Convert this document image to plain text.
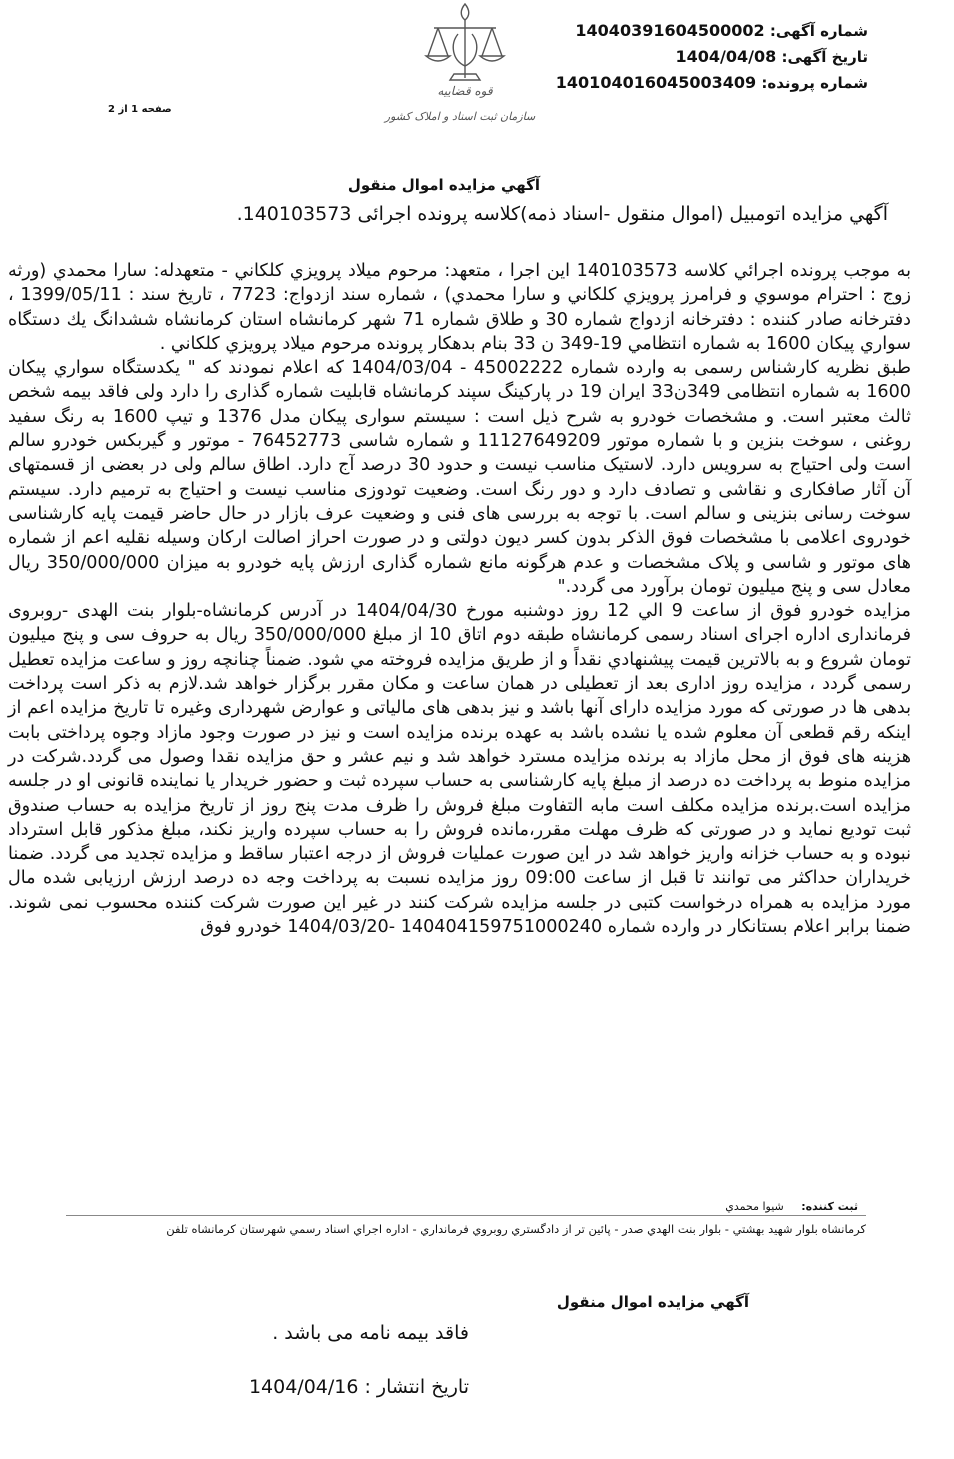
شماره آگهی: 14040391604500002
تاریخ آگهی: 1404/04/08
شماره پرونده: 140104016045003409
قوه قضاییه
سازمان ثبت اسناد و املاک کشور
صفحه 1 از 2
آگهي مزايده اموال منقول
آگهي مزايده اتومبيل (اموال منقول -اسناد ذمه)كلاسه پرونده اجرائی 140103573.

به موجب پرونده اجرائي كلاسه 140103573 اين اجرا ، متعهد: مرحوم ميلاد پرويزي كلكاني - متعهدله: سارا محمدي (ورثه زوج : احترام موسوي و فرامرز پرويزي كلكاني و سارا محمدي) ، شماره سند ازدواج: 7723 ، تاريخ سند : 1399/05/11 ، دفترخانه صادر كننده : دفترخانه ازدواج شماره 30 و طلاق شماره 71 شهر كرمانشاه استان كرمانشاه ششدانگ يك دستگاه سواري پيكان 1600 به شماره انتظامي 19-349 ن 33 بنام بدهكار پرونده مرحوم ميلاد پرويزي كلكاني .

طبق نظريه كارشناس رسمی به وارده شماره 45002222 - 1404/03/04 كه اعلام نمودند كه " يكدستگاه سواري پيكان 1600 به شماره انتظامی 349ن33 ايران 19 در پاركينگ سپند كرمانشاه قابليت شماره گذاری را دارد ولی فاقد بيمه شخص ثالث معتبر است. و مشخصات خودرو به شرح ذيل است : سيستم سواری پيكان مدل 1376 و تيپ 1600 به رنگ سفيد روغنی ، سوخت بنزين و با شماره موتور 11127649209 و شماره شاسی 76452773 - موتور و گيربكس خودرو سالم است ولی احتياج به سرويس دارد. لاستيک مناسب نيست و حدود 30 درصد آج دارد. اطاق سالم ولی در بعضی از قسمتهای آن آثار صافكاری و نقاشی و تصادف دارد و دور رنگ است. وضعيت تودوزی مناسب نيست و احتياج به ترميم دارد. سيستم سوخت رسانی بنزينی و سالم است. با توجه به بررسی های فنی و وضعيت عرف بازار در حال حاضر قيمت پايه كارشناسی خودروی اعلامی با مشخصات فوق الذكر بدون كسر ديون دولتی و در صورت احراز اصالت اركان وسيله نقليه اعم از شماره های موتور و شاسی و پلاک مشخصات و عدم هرگونه مانع شماره گذاری ارزش پايه خودرو به ميزان 350/000/000 ريال معادل سی و پنج ميليون تومان برآورد می گردد."

مزايده خودرو فوق از ساعت 9 الي 12 روز دوشنبه مورخ 1404/04/30 در آدرس كرمانشاه-بلوار بنت الهدی -روبروی فرمانداری اداره اجرای اسناد رسمی كرمانشاه طبقه دوم اتاق 10 از مبلغ 350/000/000 ريال به حروف سی و پنج ميليون تومان شروع و به بالاترين قيمت پيشنهادي نقداً و از طريق مزايده فروخته مي شود. ضمناً چنانچه روز و ساعت مزايده تعطيل رسمی گردد ، مزايده روز اداری بعد از تعطيلی در همان ساعت و مكان مقرر برگزار خواهد شد.لازم به ذكر است پرداخت بدهی ها در صورتی كه مورد مزايده دارای آنها باشد و نيز بدهی های مالياتی و عوارض شهرداری وغيره تا تاريخ مزايده اعم از اينكه رقم قطعی آن معلوم شده يا نشده باشد به عهده برنده مزايده است و نيز در صورت وجود مازاد وجوه پرداختی بابت هزينه های فوق از محل مازاد به برنده مزايده مسترد خواهد شد و نيم عشر و حق مزايده نقدا وصول می گردد.شركت در مزايده منوط به پرداخت ده درصد از مبلغ پايه كارشناسی به حساب سپرده ثبت و حضور خريدار يا نماينده قانونی او در جلسه مزايده است.برنده مزايده مكلف است مابه التفاوت مبلغ فروش را ظرف مدت پنج روز از تاريخ مزايده به حساب صندوق ثبت توديع نمايد و در صورتی كه ظرف مهلت مقرر،مانده فروش را به حساب سپرده واريز نكند، مبلغ مذكور قابل استرداد نبوده و به حساب خزانه واريز خواهد شد در اين صورت عمليات فروش از درجه اعتبار ساقط و مزايده تجديد می گردد. ضمنا خريداران حداكثر می توانند تا قبل از ساعت 09:00 روز مزايده نسبت به پرداخت وجه ده درصد ارزش ارزيابی شده مال مورد مزايده به همراه درخواست كتبی در جلسه مزايده شركت كنند در غير اين صورت شركت كننده محسوب نمی شوند. ضمنا برابر اعلام بستانكار در وارده شماره 140404159751000240 -1404/03/20 خودرو فوق

ثبت كننده: شيوا محمدي
كرمانشاه بلوار شهيد بهشتي - بلوار بنت الهدي صدر - پائين تر از دادگستري روبروي فرمانداري - اداره اجراي اسناد رسمي شهرستان كرمانشاه تلفن
آگهي مزايده اموال منقول
فاقد بيمه نامه می باشد .
تاریخ انتشار : 1404/04/16
